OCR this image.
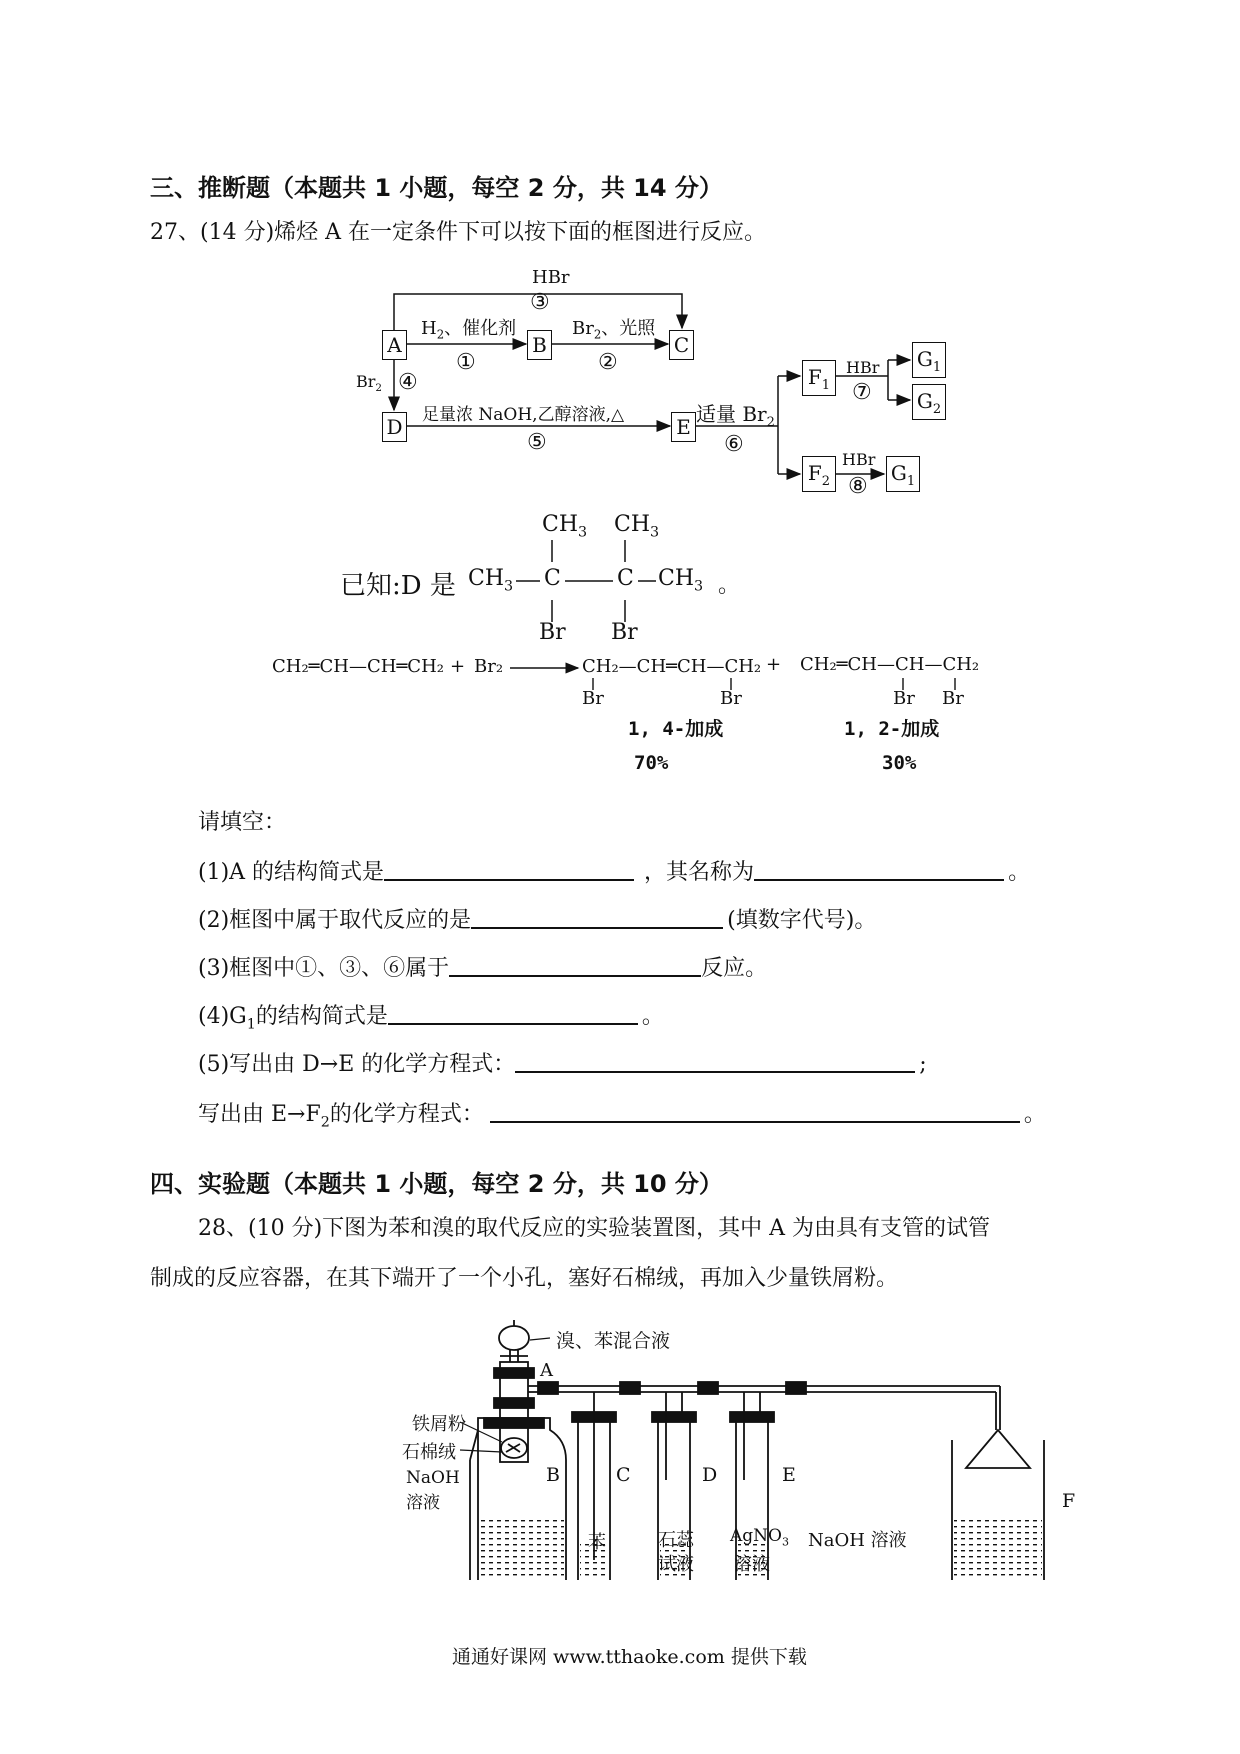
三、推断题（本题共 1 小题，每空 2 分，共 14 分）
27、(14 分)烯烃 A 在一定条件下可以按下面的框图进行反应。
A	B	C
D	E
$F_1$
$F_2$
$G_1$
$G_2$
$G_1$
HBr
③
$H_2$、催化剂
①
$Br_2$、光照
②
$Br_2$ ④
足量浓 NaOH,乙醇溶液,△
⑤
适量 $Br_2$
⑥
HBr
⑦
HBr
⑧
已知:D 是
$CH_3$ $CH_3$
$CH_3$ C	C $CH_3$ 。
Br Br
CH₂═CH—CH═CH₂ + Br₂	CH₂—CH═CH—CH₂
Br	Br
+ CH₂═CH—CH—CH₂
Br Br
1, 4-加成	1, 2-加成
70%	30%
请填空：
(1)A 的结构简式是	，其名称为	。
(2)框图中属于取代反应的是	(填数字代号)。
(3)框图中①、③、⑥属于	反应。
$(4)G_1$的结构简式是	。
(5)写出由 D→E 的化学方程式：	;
写出由 $E\to F_2$的化学方程式：	。
四、实验题（本题共 1 小题，每空 2 分，共 10 分）
28、(10 分)下图为苯和溴的取代反应的实验装置图，其中 A 为由具有支管的试管
制成的反应容器，在其下端开了一个小孔，塞好石棉绒，再加入少量铁屑粉。
溴、苯混合液
A
铁屑粉
石棉绒
NaOH
溶液
B	C	D	E
F
苯	石蕊
试液
AgNO$_3$
溶液
NaOH 溶液
通通好课网 www.tthaoke.com 提供下载
